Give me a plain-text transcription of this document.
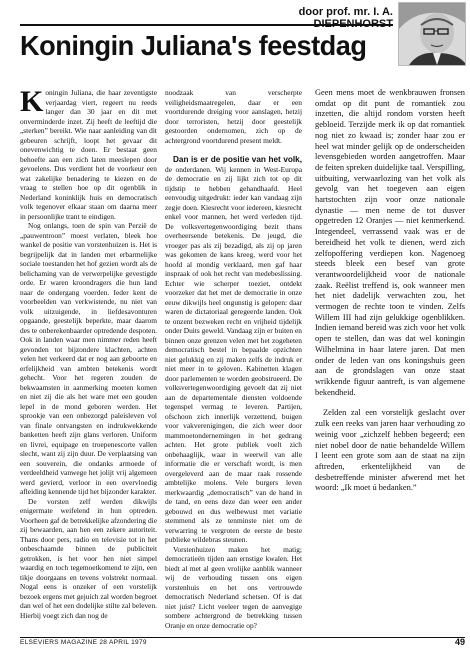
door prof. mr. I. A.
Koningin Juliana's feestdag

Koningin Juliana, die haar zeventigste verjaardag viert, regeert nu reeds langer dan 30 jaar en dit met onverminderde inzet. Zij heeft de leeftijd die „sterken” bereikt. Wie naar aanleiding van dit gebeuren schrijft, loopt het gevaar dit onevenwichtig te doen. Er bestaat geen behoefte aan een zich laten meeslepen door gevoelens. Dus verdient het de voorkeur een wat zakelijke benadering te kiezen en de vraag te stellen hoe op dit ogenblik in Nederland koninklijk huis en democratisch volk tegenover elkaar staan om daarna meer in persoonlijke trant te eindigen.

Nog onlangs, toen de spin van Perzië de „pauwentroon” moest verlaten, bleek hoe wankel de positie van vorstenhuizen is. Het is begrijpelijk dat in landen met erbarmelijke sociale toestanden het hof gezien wordt als de belichaming van de verwerpelijke gevestigde orde. Er waren kroondragers die hun land naar de ondergang voerden. Ieder kent de voorbeelden van verkwistende, nu niet van volk uitzuigende, in liefdesavonturen opgaande, geestelijk beperkte, maar daarom des te onberekenbaarder optredende despoten. Ook in landen waar men nimmer reden heeft gevonden tot bijzondere klachten, achten velen het verkeerd dat er nog aan geboorte en erfelijkheid van ambten betekenis wordt gehecht. Voor het regeren zouden de bekwaamsten in aanmerking moeten komen en niet zij die als het ware met een gouden lepel in de mond geboren werden. Het sprookje van een onbezorgd paleisleven vol van finale ontvangsten en indrukwekkende banketten heeft zijn glans verloren. Uniform en livrei, equipage en troepenescorte vallen slecht, want zij zijn duur. De verplaatsing van een souverein, die ondanks armoede of verdeeldheid vanwege het jolijt vrij algemeen werd gevierd, verloor in een overvloedig afleiding kennende tijd het bijzonder karakter.

De vorsten zelf werden dikwijls enigermate weifelend in hun optreden. Voorheen gaf de betrekkelijke afzondering die zij bewaarden, aan hen een zekere autoriteit. Thans door pers, radio en televisie tot in het onbeschaamde binnen de publiciteit getrokken, is het voor hen niet simpel waardig en toch tegemoetkomend te zijn, een tikje doorgaans en tevens volstrekt normaal. Nogal eens is onzeker of een vorstelijk bezoek ergens met gejuich zal worden begroet dan wel of het een dodelijke stilte zal beleven. Hierbij voegt zich dan nog de

noodzaak van verscherpte veiligheidsmaatregelen, daar er een voortdurende dreiging voor aanslagen, hetzij door terroristen, hetzij door geestelijk gestoorden ondernomen, zich op de achtergrond voortdurend present meldt.

Dan is er de positie van het volk, de onderdanen. Wij kennen in West-Europa de democratie en zij lijkt zich tot op dit tijdstip te hebben gehandhaafd. Heel eenvoudig uitgedrukt: ieder kan vandaag zijn zegje doen. Kiesrecht voor iedereen, kiesrecht enkel voor mannen, het werd verleden tijd. De volksvertegenwoordiging bezit thans overheersende betekenis. De jeugd, die vroeger pas als zij bezadigd, als zij op jaren was gekomen de kans kreeg, werd voor het hoofd al mondig verklaard, men gaf haar inspraak of ook het recht van medebeslissing. Echter wie scherper toeziet, ontdekt voorzeker dat het met de democratie in onze eeuw dikwijls heel ongunstig is gelopen: daar waren de dictatoriaal geregeerde landen. Ook te onzent bezweken recht en vrijheid tijdelijk onder Duits geweld. Vandaag zijn er buiten en binnen onze grenzen velen met het zogeheten democratisch bestel in bepaalde opzichten niet gelukkig en zij maken zelfs de indruk er niet meer in te geloven. Kabinetten klagen door parlementen te worden geobstrueerd. De volksvertegenwoordiging gevoelt dat zij niet aan de departementale diensten voldoende tegenspel vermag te leveren. Partijen, ofschoon zich innerlijk verzettend, buigen voor vakverenigingen, die zich weer door mammoetondernemingen in het gedrang achten. Het grote publiek voelt zich onbehaaglijk, waar in weerwil van alle informatie die er verschaft wordt, is men overgeleverd aan de maar raak rossende ambtelijke molens. Vele burgers leven merkwaardig „democratisch” van de hand in de tand, en eens deze dan weer een ander gebouwd en dus welbewust met variatie stemmend als ze tenminste niet om de verwarring te vergroten de eerste de beste publieke wildebras steunen.

Vorstenhuizen maken het matig; democratieën tijden aan ernstige kwalen. Het biedt al met al geen vrolijke aanblik wanneer wij de verhouding tussen ons eigen vorstenhuis en het ons vertrouwde democratisch Nederland schetsen. Of is dat niet juist? Licht veeleer tegen de aanvegige sombere achtergrond de betrekking tussen Oranje en onze democratie op?

Geen mens moet de wenkbrauwen fronsen omdat op dit punt de romantiek zou inzetten, die altijd rondom vorsten heeft gebloeid. Terzijde merk ik op dat romantiek nog niet zo kwaad is; zonder haar zou er heel wat minder gelijk op de onderscheiden levensgebieden worden aangetroffen. Maar de feiten spreken duidelijke taal. Verspilling, uitbuiting, verwaarlozing van het volk als gevolg van het toegeven aan eigen hartstochten zijn voor onze nationale dynastie — men neme de tot dusver opgetreden 12 Oranjes — niet kenmerkend. Integendeel, verrassend vaak was er de bereidheid het volk te dienen, werd zich zelfopoffering verdiepen kon. Nagenoeg steeds bleek een besef van grote verantwoordelijkheid voor de nationale zaak. Reëlist treffend is, ook wanneer men het niet dadelijk verwachten zou, het vermogen de rechte toon te vinden. Zelfs Willem III had zijn gelukkige ogenblikken. Indien iemand bereid was zich voor het volk open te stellen, dan was dat wel koningin Wilhelmina in haar latere jaren. Dat men onder de leden van ons koningshuis geen aan de grondslagen van onze staat wrikkende figuur aantreft, is van algemene bekendheid.

Zelden zal een vorstelijk geslacht over zulk een reeks van jaren haar verhouding zo weinig voor „zichzelf hebben begeerd; een niet nobel door de natie behandelde Willem I leent een grote som aan de staat na zijn aftreden, erkentelijkheid van de desbetreffende minister afwerend met het woord: „Ik moet ú bedanken.”

ELSEVIERS MAGAZINE 28 APRIL 1979	49
